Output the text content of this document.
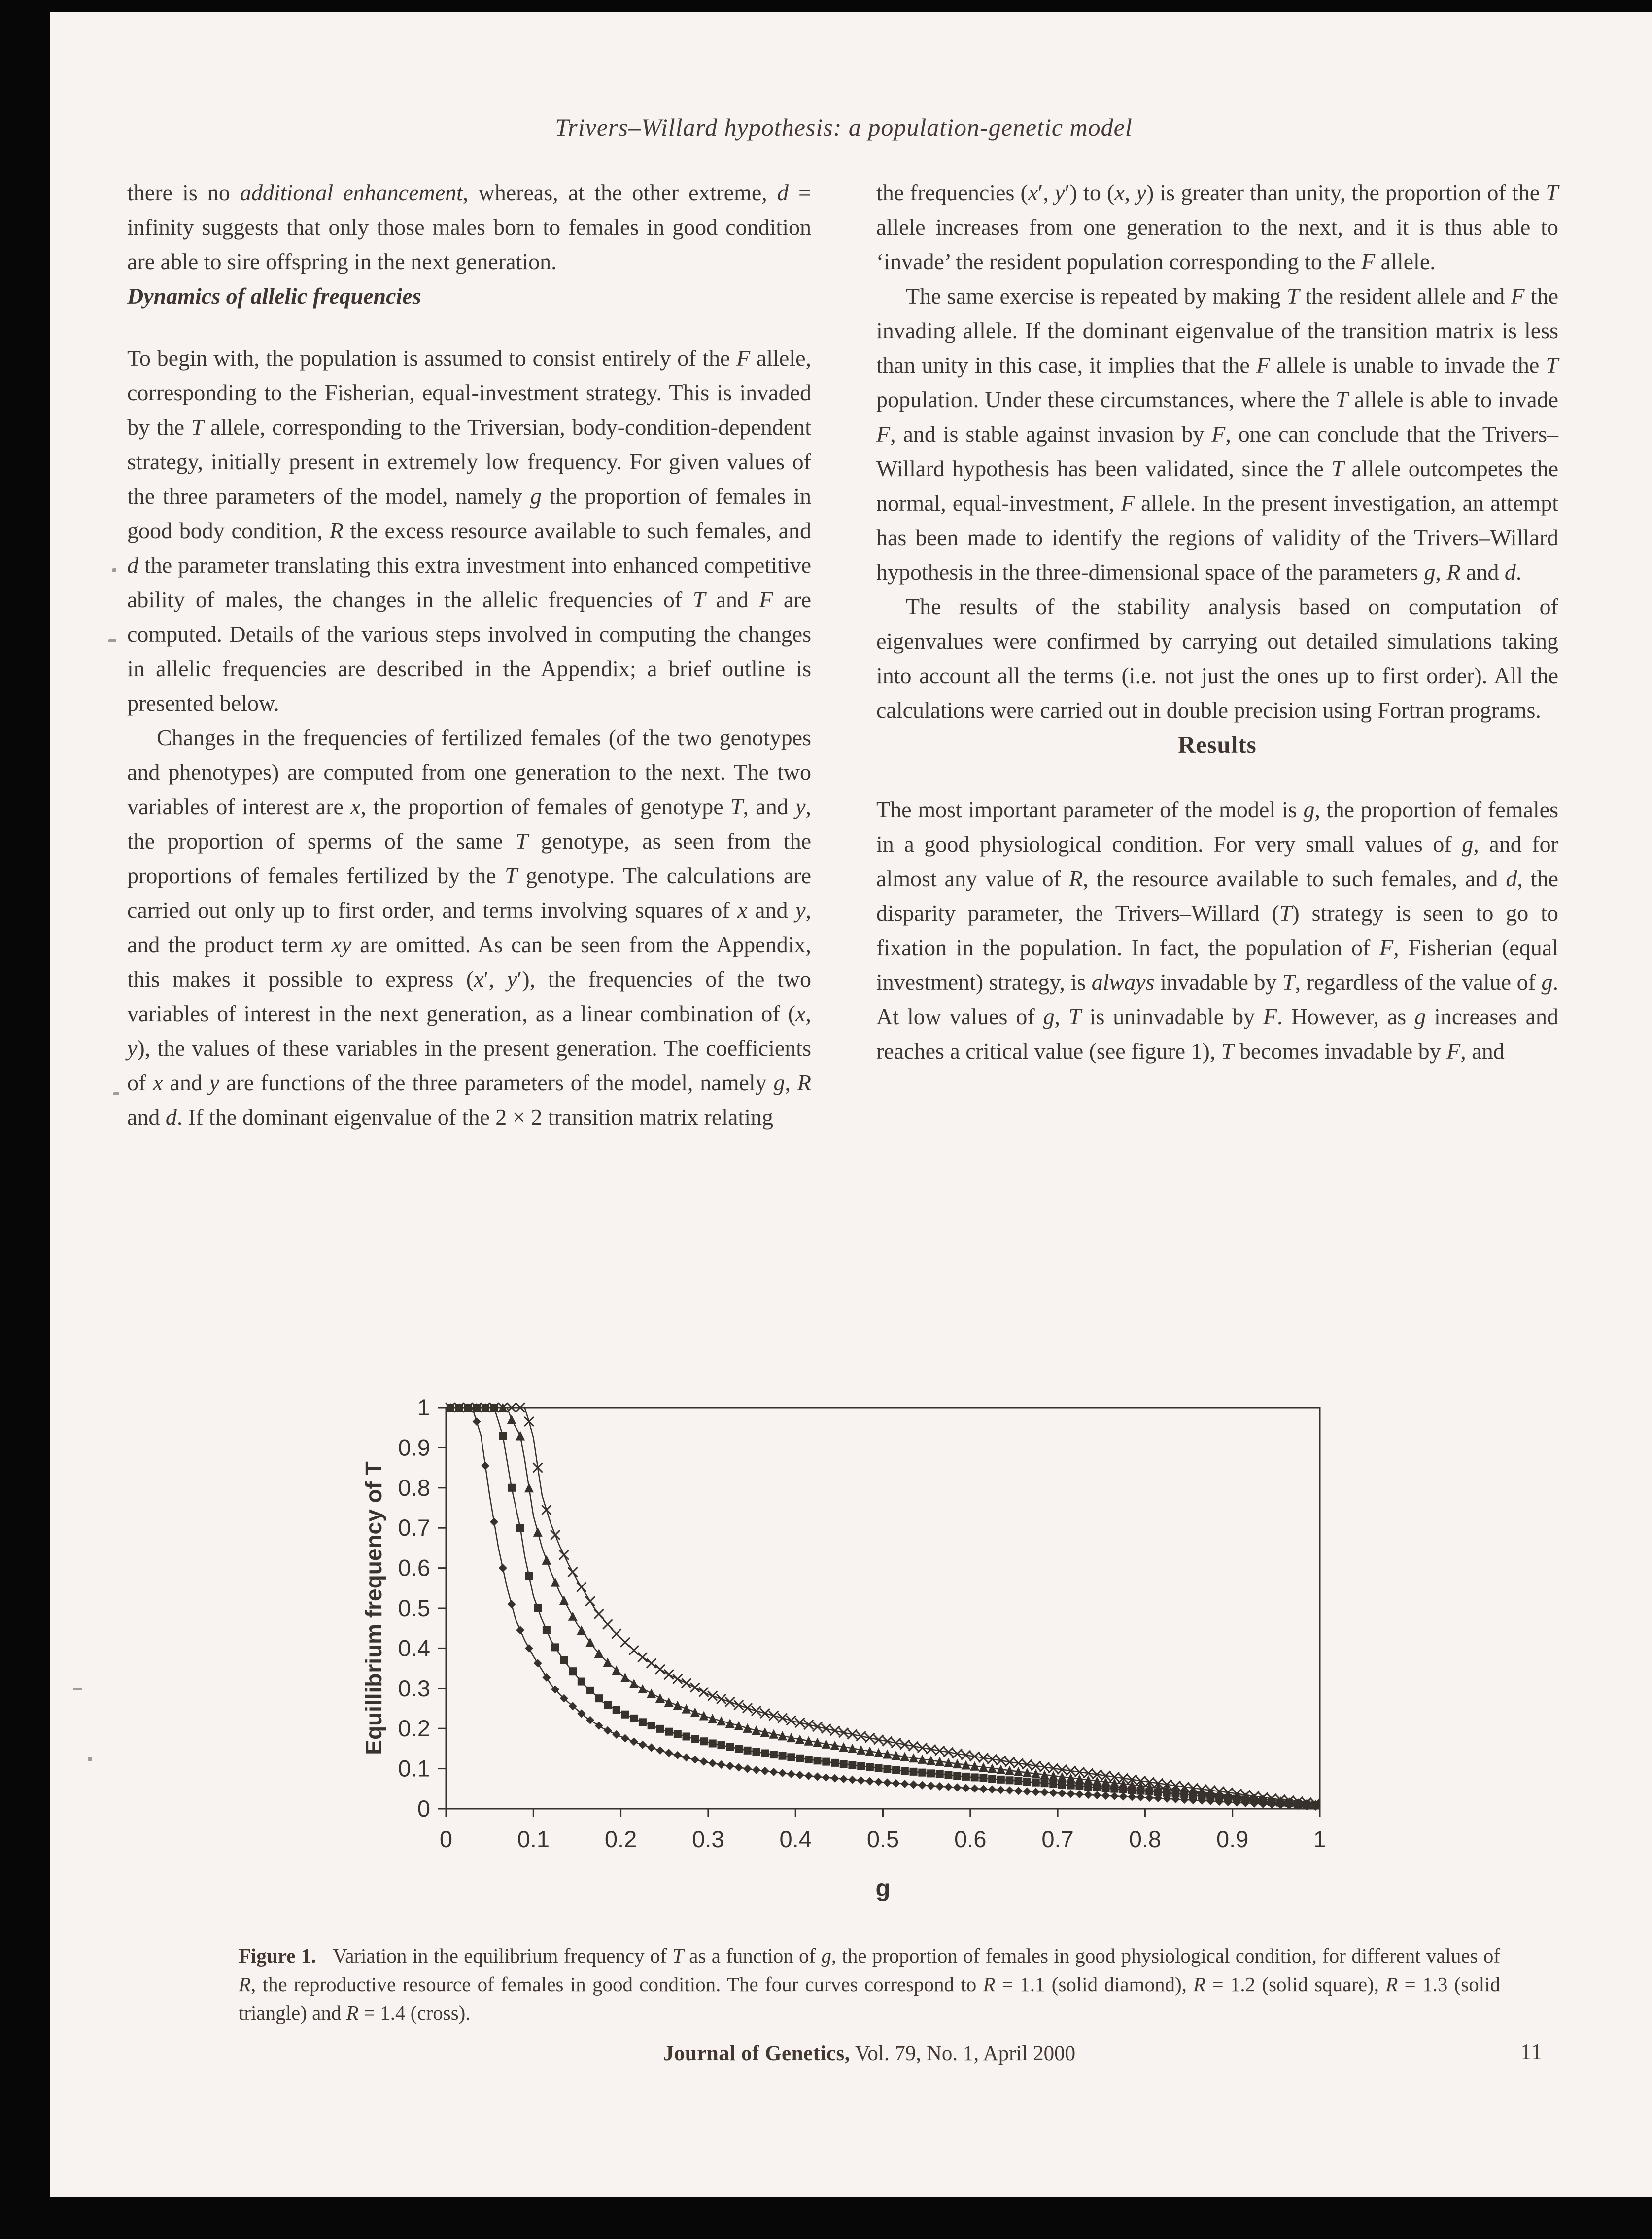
Trivers–Willard hypothesis: a population-genetic model

there is no additional enhancement, whereas, at the other extreme, d = infinity suggests that only those males born to females in good condition are able to sire offspring in the next generation.

Dynamics of allelic frequencies

To begin with, the population is assumed to consist entirely of the F allele, corresponding to the Fisherian, equal-investment strategy. This is invaded by the T allele, corresponding to the Triversian, body-condition-dependent strategy, initially present in extremely low frequency. For given values of the three parameters of the model, namely g the proportion of females in good body condition, R the excess resource available to such females, and d the parameter translating this extra investment into enhanced competitive ability of males, the changes in the allelic frequencies of T and F are computed. Details of the various steps involved in computing the changes in allelic frequencies are described in the Appendix; a brief outline is presented below.

Changes in the frequencies of fertilized females (of the two genotypes and phenotypes) are computed from one generation to the next. The two variables of interest are x, the proportion of females of genotype T, and y, the proportion of sperms of the same T genotype, as seen from the proportions of females fertilized by the T genotype. The calculations are carried out only up to first order, and terms involving squares of x and y, and the product term xy are omitted. As can be seen from the Appendix, this makes it possible to express (x′, y′), the frequencies of the two variables of interest in the next generation, as a linear combination of (x, y), the values of these variables in the present generation. The coefficients of x and y are functions of the three parameters of the model, namely g, R and d. If the dominant eigenvalue of the 2 × 2 transition matrix relating

the frequencies (x′, y′) to (x, y) is greater than unity, the proportion of the T allele increases from one generation to the next, and it is thus able to ‘invade’ the resident population corresponding to the F allele.

The same exercise is repeated by making T the resident allele and F the invading allele. If the dominant eigenvalue of the transition matrix is less than unity in this case, it implies that the F allele is unable to invade the T population. Under these circumstances, where the T allele is able to invade F, and is stable against invasion by F, one can conclude that the Trivers–Willard hypothesis has been validated, since the T allele outcompetes the normal, equal-investment, F allele. In the present investigation, an attempt has been made to identify the regions of validity of the Trivers–Willard hypothesis in the three-dimensional space of the parameters g, R and d.

The results of the stability analysis based on computation of eigenvalues were confirmed by carrying out detailed simulations taking into account all the terms (i.e. not just the ones up to first order). All the calculations were carried out in double precision using Fortran programs.

Results

The most important parameter of the model is g, the proportion of females in a good physiological condition. For very small values of g, and for almost any value of R, the resource available to such females, and d, the disparity parameter, the Trivers–Willard (T) strategy is seen to go to fixation in the population. In fact, the population of F, Fisherian (equal investment) strategy, is always invadable by T, regardless of the value of g. At low values of g, T is uninvadable by F. However, as g increases and reaches a critical value (see figure 1), T becomes invadable by F, and

0	0.1 0.2 0.3 0.4 0.5 0.6 0.7 0.8 0.9	1
0
0.1
0.2
0.3
0.4
0.5
0.6
0.7
0.8
0.9
1
Equillibrium frequency of T
g
Figure 1.   Variation in the equilibrium frequency of T as a function of g, the proportion of females in good physiological condition, for different values of R, the reproductive resource of females in good condition. The four curves correspond to R = 1.1 (solid diamond), R = 1.2 (solid square), R = 1.3 (solid triangle) and R = 1.4 (cross).
Journal of Genetics, Vol. 79, No. 1, April 2000	11
